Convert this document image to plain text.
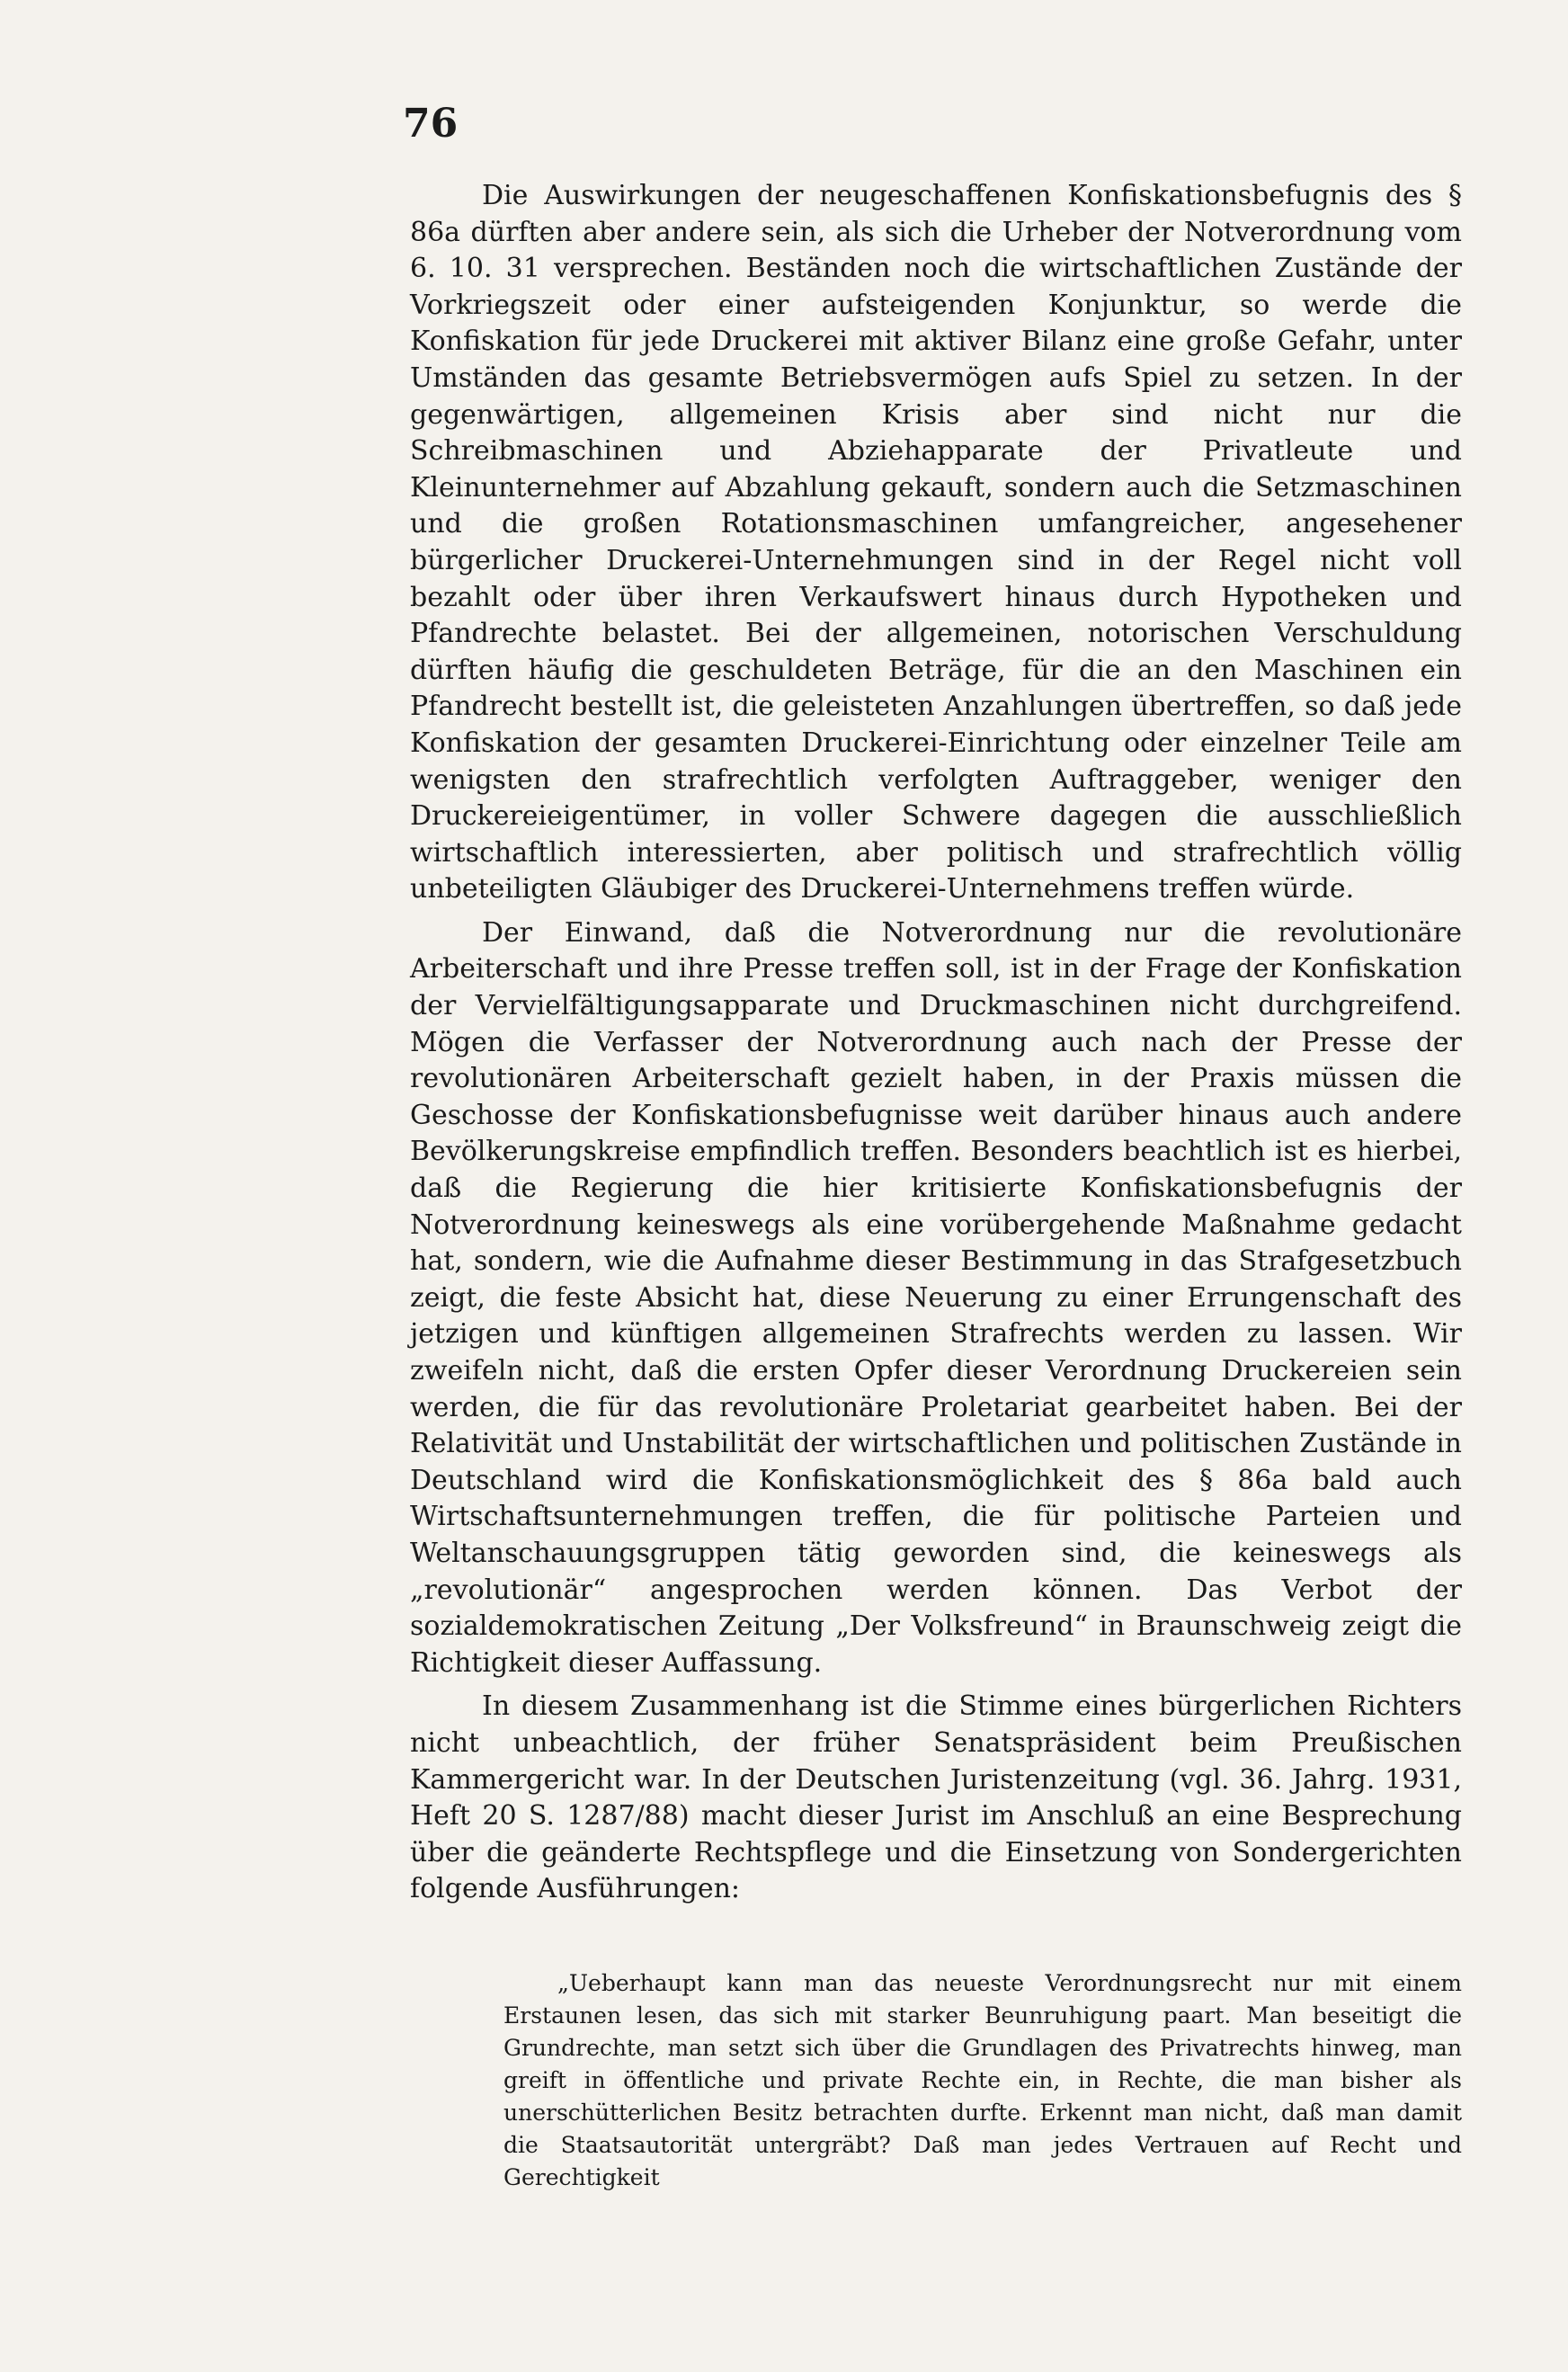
76

Die Auswirkungen der neugeschaffenen Konfiskationsbefugnis des § 86a dürften aber andere sein, als sich die Urheber der Notverordnung vom 6. 10. 31 versprechen. Beständen noch die wirtschaftlichen Zustände der Vorkriegszeit oder einer aufsteigenden Konjunktur, so werde die Konfiskation für jede Druckerei mit aktiver Bilanz eine große Gefahr, unter Umständen das gesamte Betriebsvermögen aufs Spiel zu setzen. In der gegenwärtigen, allgemeinen Krisis aber sind nicht nur die Schreibmaschinen und Abziehapparate der Privatleute und Kleinunternehmer auf Abzahlung gekauft, sondern auch die Setzmaschinen und die großen Rotationsmaschinen umfangreicher, angesehener bürgerlicher Druckerei-Unternehmungen sind in der Regel nicht voll bezahlt oder über ihren Verkaufswert hinaus durch Hypotheken und Pfandrechte belastet. Bei der allgemeinen, notorischen Verschuldung dürften häufig die geschuldeten Beträge, für die an den Maschinen ein Pfandrecht bestellt ist, die geleisteten Anzahlungen übertreffen, so daß jede Konfiskation der gesamten Druckerei-Einrichtung oder einzelner Teile am wenigsten den strafrechtlich verfolgten Auftraggeber, weniger den Druckereieigentümer, in voller Schwere dagegen die ausschließlich wirtschaftlich interessierten, aber politisch und strafrechtlich völlig unbeteiligten Gläubiger des Druckerei-Unternehmens treffen würde.

Der Einwand, daß die Notverordnung nur die revolutionäre Arbeiterschaft und ihre Presse treffen soll, ist in der Frage der Konfiskation der Vervielfältigungsapparate und Druckmaschinen nicht durchgreifend. Mögen die Verfasser der Notverordnung auch nach der Presse der revolutionären Arbeiterschaft gezielt haben, in der Praxis müssen die Geschosse der Konfiskationsbefugnisse weit darüber hinaus auch andere Bevölkerungskreise empfindlich treffen. Besonders beachtlich ist es hierbei, daß die Regierung die hier kritisierte Konfiskationsbefugnis der Notverordnung keineswegs als eine vorübergehende Maßnahme gedacht hat, sondern, wie die Aufnahme dieser Bestimmung in das Strafgesetzbuch zeigt, die feste Absicht hat, diese Neuerung zu einer Errungenschaft des jetzigen und künftigen allgemeinen Strafrechts werden zu lassen. Wir zweifeln nicht, daß die ersten Opfer dieser Verordnung Druckereien sein werden, die für das revolutionäre Proletariat gearbeitet haben. Bei der Relativität und Unstabilität der wirtschaftlichen und politischen Zustände in Deutschland wird die Konfiskationsmöglichkeit des § 86a bald auch Wirtschaftsunternehmungen treffen, die für politische Parteien und Weltanschauungsgruppen tätig geworden sind, die keineswegs als „revolutionär“ angesprochen werden können. Das Verbot der sozialdemokratischen Zeitung „Der Volksfreund“ in Braunschweig zeigt die Richtigkeit dieser Auffassung.

In diesem Zusammenhang ist die Stimme eines bürgerlichen Richters nicht unbeachtlich, der früher Senatspräsident beim Preußischen Kammergericht war. In der Deutschen Juristenzeitung (vgl. 36. Jahrg. 1931, Heft 20 S. 1287/88) macht dieser Jurist im Anschluß an eine Besprechung über die geänderte Rechtspflege und die Einsetzung von Sondergerichten folgende Ausführungen:

„Ueberhaupt kann man das neueste Verordnungsrecht nur mit einem Erstaunen lesen, das sich mit starker Beunruhigung paart. Man beseitigt die Grundrechte, man setzt sich über die Grundlagen des Privatrechts hinweg, man greift in öffentliche und private Rechte ein, in Rechte, die man bisher als unerschütterlichen Besitz betrachten durfte. Erkennt man nicht, daß man damit die Staatsautorität untergräbt? Daß man jedes Vertrauen auf Recht und Gerechtigkeit
